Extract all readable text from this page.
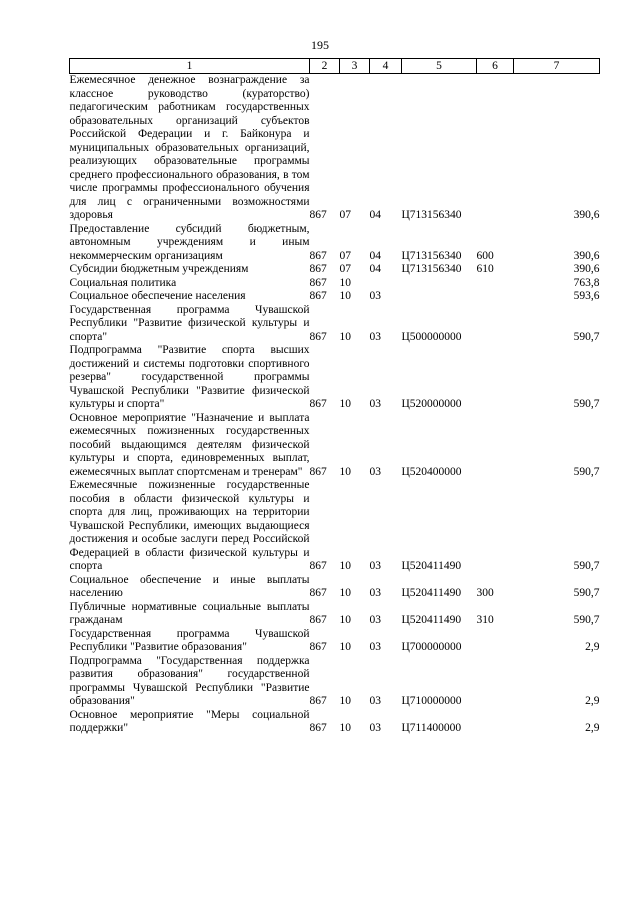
195
1	2	3	4	5	6	7
Ежемесячное денежное вознаграждение за классное руководство (кураторство) педагогическим работникам государственных образовательных организаций субъектов Российской Федерации и г. Байконура и муниципальных образовательных организаций, реализующих образовательные программы среднего профессионального образования, в том числе программы профессионального обучения для лиц с ограниченными возможностями здоровья	867	07	04	Ц713156340		390,6
Предоставление субсидий бюджетным, автономным учреждениям и иным некоммерческим организациям	867	07	04	Ц713156340	600	390,6
Субсидии бюджетным учреждениям	867	07	04	Ц713156340	610	390,6
Социальная политика	867	10				763,8
Социальное обеспечение населения	867	10	03			593,6
Государственная программа Чувашской Республики "Развитие физической культуры и спорта"	867	10	03	Ц500000000		590,7
Подпрограмма "Развитие спорта высших достижений и системы подготовки спортивного резерва" государственной программы Чувашской Республики "Развитие физической культуры и спорта"	867	10	03	Ц520000000		590,7
Основное мероприятие "Назначение и выплата ежемесячных пожизненных государственных пособий выдающимся деятелям физической культуры и спорта, единовременных выплат, ежемесячных выплат спортсменам и тренерам"	867	10	03	Ц520400000		590,7
Ежемесячные пожизненные государственные пособия в области физической культуры и спорта для лиц, проживающих на территории Чувашской Республики, имеющих выдающиеся достижения и особые заслуги перед Российской Федерацией в области физической культуры и спорта	867	10	03	Ц520411490		590,7
Социальное обеспечение и иные выплаты населению	867	10	03	Ц520411490	300	590,7
Публичные нормативные социальные выплаты гражданам	867	10	03	Ц520411490	310	590,7
Государственная программа Чувашской Республики "Развитие образования"	867	10	03	Ц700000000		2,9
Подпрограмма "Государственная поддержка развития образования" государственной программы Чувашской Республики "Развитие образования"	867	10	03	Ц710000000		2,9
Основное мероприятие "Меры социальной поддержки"	867	10	03	Ц711400000		2,9
